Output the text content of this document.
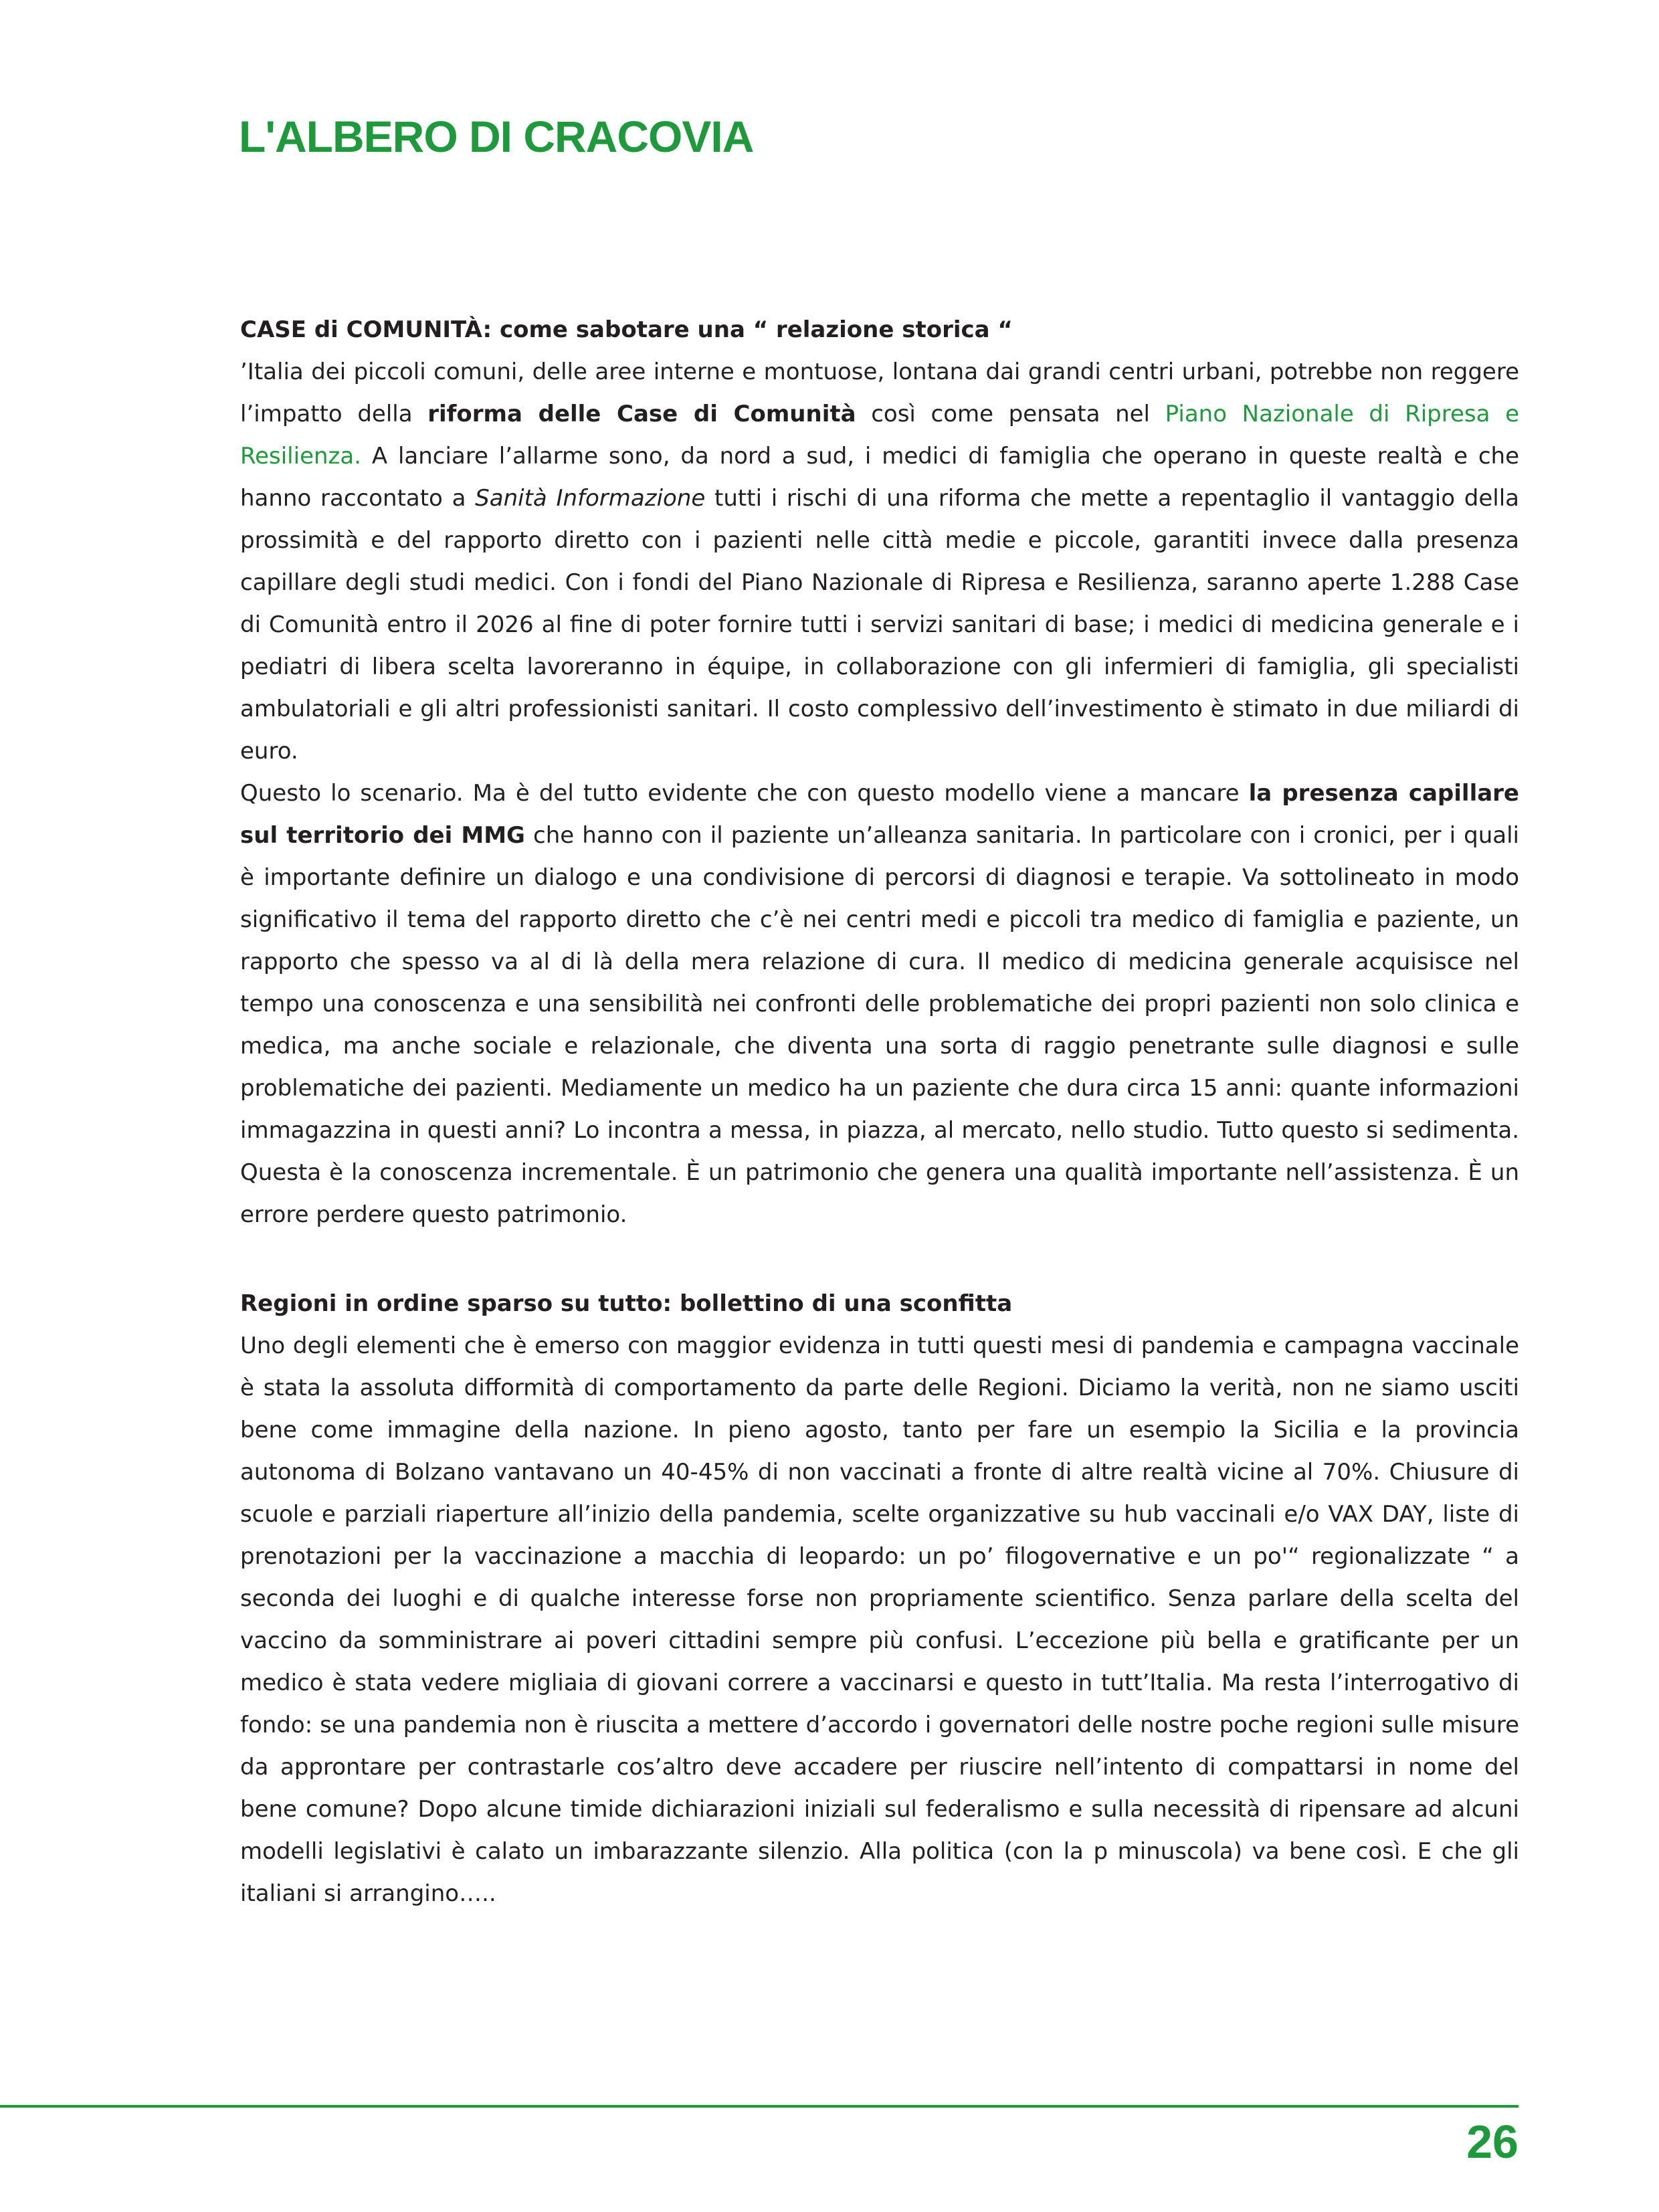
L'ALBERO DI CRACOVIA

CASE di COMUNITÀ: come sabotare una “ relazione storica “

’Italia dei piccoli comuni, delle aree interne e montuose, lontana dai grandi centri urbani, potrebbe non reggere l’impatto della riforma delle Case di Comunità così come pensata nel Piano Nazionale di Ripresa e Resilienza. A lanciare l’allarme sono, da nord a sud, i medici di famiglia che operano in queste realtà e che hanno raccontato a Sanità Informazione tutti i rischi di una riforma che mette a repentaglio il vantaggio della prossimità e del rapporto diretto con i pazienti nelle città medie e piccole, garantiti invece dalla presenza capillare degli studi medici. Con i fondi del Piano Nazionale di Ripresa e Resilienza, saranno aperte 1.288 Case di Comunità entro il 2026 al fine di poter fornire tutti i servizi sanitari di base; i medici di medicina generale e i pediatri di libera scelta lavoreranno in équipe, in collaborazione con gli infermieri di famiglia, gli specialisti ambulatoriali e gli altri professionisti sanitari. Il costo complessivo dell’investimento è stimato in due miliardi di euro.

Questo lo scenario. Ma è del tutto evidente che con questo modello viene a mancare la presenza capillare sul territorio dei MMG che hanno con il paziente un’alleanza sanitaria. In particolare con i cronici, per i quali è importante definire un dialogo e una condivisione di percorsi di diagnosi e terapie. Va sottolineato in modo significativo il tema del rapporto diretto che c’è nei centri medi e piccoli tra medico di famiglia e paziente, un rapporto che spesso va al di là della mera relazione di cura. Il medico di medicina generale acquisisce nel tempo una conoscenza e una sensibilità nei confronti delle problematiche dei propri pazienti non solo clinica e medica, ma anche sociale e relazionale, che diventa una sorta di raggio penetrante sulle diagnosi e sulle problematiche dei pazienti. Mediamente un medico ha un paziente che dura circa 15 anni: quante informazioni immagazzina in questi anni? Lo incontra a messa, in piazza, al mercato, nello studio. Tutto questo si sedimenta. Questa è la conoscenza incrementale. È un patrimonio che genera una qualità importante nell’assistenza. È un errore perdere questo patrimonio.

Regioni in ordine sparso su tutto: bollettino di una sconfitta

Uno degli elementi che è emerso con maggior evidenza in tutti questi mesi di pandemia e campagna vaccinale è stata la assoluta difformità di comportamento da parte delle Regioni. Diciamo la verità, non ne siamo usciti bene come immagine della nazione. In pieno agosto, tanto per fare un esempio la Sicilia e la provincia autonoma di Bolzano vantavano un 40-45% di non vaccinati a fronte di altre realtà vicine al 70%. Chiusure di scuole e parziali riaperture all’inizio della pandemia, scelte organizzative su hub vaccinali e/o VAX DAY, liste di prenotazioni per la vaccinazione a macchia di leopardo: un po’ filogovernative e un po'“ regionalizzate “ a seconda dei luoghi e di qualche interesse forse non propriamente scientifico. Senza parlare della scelta del vaccino da somministrare ai poveri cittadini sempre più confusi. L’eccezione più bella e gratificante per un medico è stata vedere migliaia di giovani correre a vaccinarsi e questo in tutt’Italia. Ma resta l’interrogativo di fondo: se una pandemia non è riuscita a mettere d’accordo i governatori delle nostre poche regioni sulle misure da approntare per contrastarle cos’altro deve accadere per riuscire nell’intento di compattarsi in nome del bene comune? Dopo alcune timide dichiarazioni iniziali sul federalismo e sulla necessità di ripensare ad alcuni modelli legislativi è calato un imbarazzante silenzio. Alla politica (con la p minuscola) va bene così. E che gli italiani si arrangino…..

26
